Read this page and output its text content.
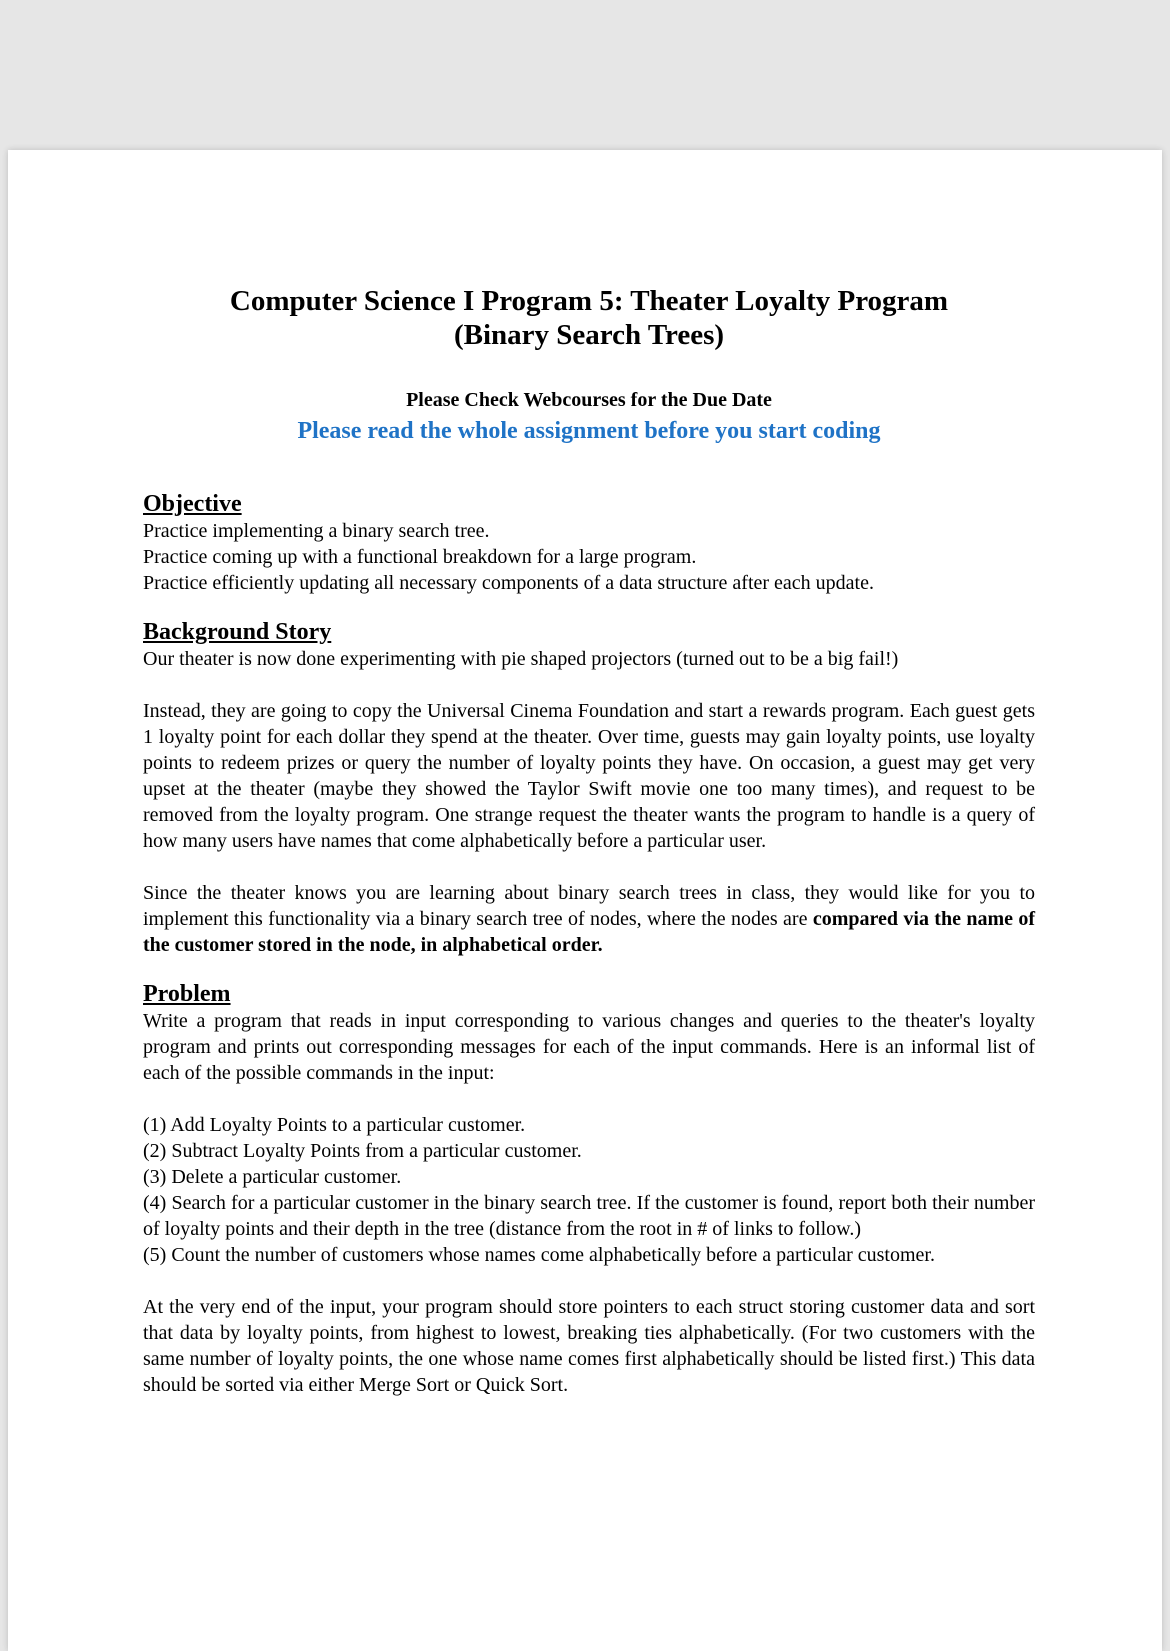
Computer Science I Program 5: Theater Loyalty Program

(Binary Search Trees)

Please Check Webcourses for the Due Date

Please read the whole assignment before you start coding

Objective

Practice implementing a binary search tree.

Practice coming up with a functional breakdown for a large program.

Practice efficiently updating all necessary components of a data structure after each update.

Background Story

Our theater is now done experimenting with pie shaped projectors (turned out to be a big fail!)

Instead, they are going to copy the Universal Cinema Foundation and start a rewards program. Each guest gets 1 loyalty point for each dollar they spend at the theater. Over time, guests may gain loyalty points, use loyalty points to redeem prizes or query the number of loyalty points they have. On occasion, a guest may get very upset at the theater (maybe they showed the Taylor Swift movie one too many times), and request to be removed from the loyalty program. One strange request the theater wants the program to handle is a query of how many users have names that come alphabetically before a particular user.

Since the theater knows you are learning about binary search trees in class, they would like for you to implement this functionality via a binary search tree of nodes, where the nodes are compared via the name of the customer stored in the node, in alphabetical order.

Problem

Write a program that reads in input corresponding to various changes and queries to the theater's loyalty program and prints out corresponding messages for each of the input commands. Here is an informal list of each of the possible commands in the input:

(1) Add Loyalty Points to a particular customer.

(2) Subtract Loyalty Points from a particular customer.

(3) Delete a particular customer.

(4) Search for a particular customer in the binary search tree. If the customer is found, report both their number of loyalty points and their depth in the tree (distance from the root in # of links to follow.)

(5) Count the number of customers whose names come alphabetically before a particular customer.

At the very end of the input, your program should store pointers to each struct storing customer data and sort that data by loyalty points, from highest to lowest, breaking ties alphabetically. (For two customers with the same number of loyalty points, the one whose name comes first alphabetically should be listed first.) This data should be sorted via either Merge Sort or Quick Sort.
